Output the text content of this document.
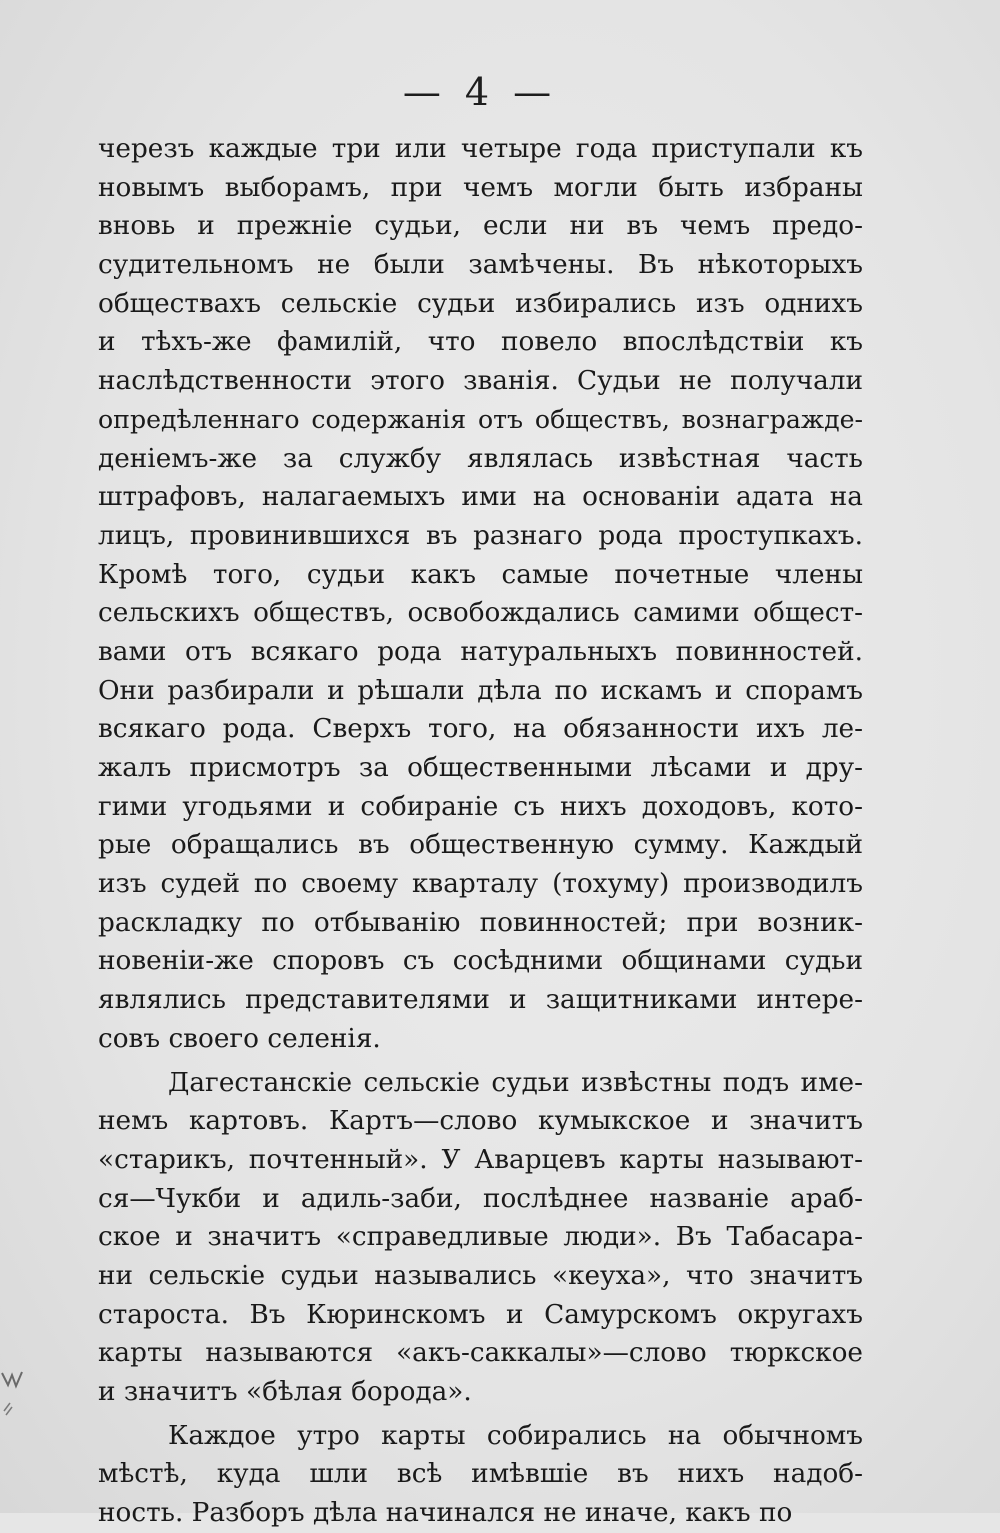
— 4 —
черезъ каждые три или четыре года приступали къ
новымъ выборамъ, при чемъ могли быть избраны
вновь и прежніе судьи, если ни въ чемъ предо-
судительномъ не были замѣчены. Въ нѣкоторыхъ
обществахъ сельскіе судьи избирались изъ однихъ
и тѣхъ-же фамилій, что повело впослѣдствіи къ
наслѣдственности этого званія. Судьи не получали
опредѣленнаго содержанія отъ обществъ, вознагражде-
деніемъ-же за службу являлась извѣстная часть
штрафовъ, налагаемыхъ ими на основаніи адата на
лицъ, провинившихся въ разнаго рода проступкахъ.
Кромѣ того, судьи какъ самые почетные члены
сельскихъ обществъ, освобождались самими общест-
вами отъ всякаго рода натуральныхъ повинностей.
Они разбирали и рѣшали дѣла по искамъ и спорамъ
всякаго рода. Сверхъ того, на обязанности ихъ ле-
жалъ присмотръ за общественными лѣсами и дру-
гими угодьями и собираніе съ нихъ доходовъ, кото-
рые обращались въ общественную сумму. Каждый
изъ судей по своему кварталу (тохуму) производилъ
раскладку по отбыванію повинностей; при возник-
новеніи-же споровъ съ сосѣдними общинами судьи
являлись представителями и защитниками интере-
совъ своего селенія.
Дагестанскіе сельскіе судьи извѣстны подъ име-
немъ картовъ. Картъ—слово кумыкское и значитъ
«старикъ, почтенный». У Аварцевъ карты называют-
ся—Чукби и адиль-заби, послѣднее названіе араб-
ское и значитъ «справедливые люди». Въ Табасара-
ни сельскіе судьи назывались «кеуха», что значитъ
староста. Въ Кюринскомъ и Самурскомъ округахъ
карты называются «акъ-саккалы»—слово тюркское
и значитъ «бѣлая борода».
Каждое утро карты собирались на обычномъ
мѣстѣ, куда шли всѣ имѣвшіе въ нихъ надоб-
ность. Разборъ дѣла начинался не иначе, какъ по
